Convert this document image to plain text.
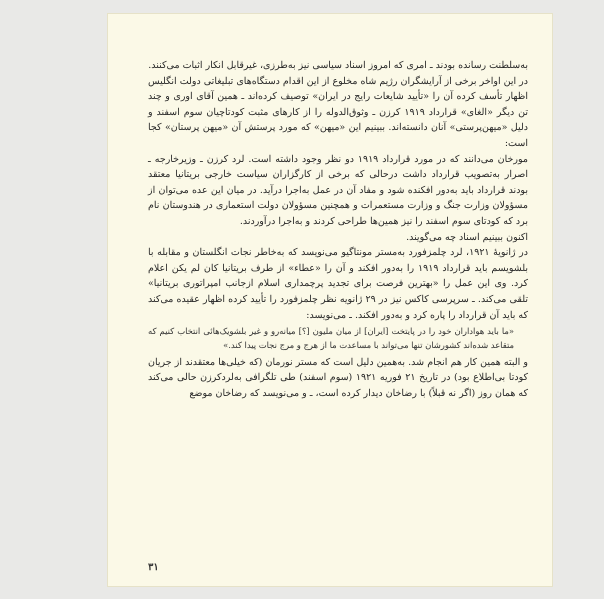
به‌سلطنت رسانده بودند ـ امری که امروز اسناد سیاسی نیز به‌طرزی، غیرقابل انکار اثبات می‌کنند.

در این اواخر برخی از آرایشگران رژیم شاه مخلوع از این اقدام دستگاه‌های تبلیغاتی دولت انگلیس اظهار تأسف کرده آن را «تأیید شایعات رایج در ایران» توصیف کرده‌اند ـ همین آقای اوری و چند تن دیگر «الغای» قرارداد ۱۹۱۹ کرزن ـ وثوق‌الدوله را از کارهای مثبت کودتاچیان سوم اسفند و دلیل «میهن‌پرستی» آنان دانسته‌اند. ببینیم این «میهن» که مورد پرستش آن «میهن پرستان» کجا است:

مورخان می‌دانند که در مورد قرارداد ۱۹۱۹ دو نظر وجود داشته است. لرد کرزن ـ وزیرخارجه ـ اصرار به‌تصویب قرارداد داشت درحالی که برخی از کارگزاران سیاست خارجی بریتانیا معتقد بودند قرارداد باید به‌دور افکنده شود و مفاد آن در عمل به‌اجرا درآید. در میان این عده می‌توان از مسؤولان وزارت جنگ و وزارت مستعمرات و همچنین مسؤولان دولت استعماری در هندوستان نام برد که کودتای سوم اسفند را نیز همین‌ها طراحی کردند و به‌اجرا درآوردند.

اکنون ببینیم اسناد چه می‌گویند.

در ژانویهٔ ۱۹۲۱، لرد چلمزفورد به‌مستر مونتاگیو می‌نویسد که به‌خاطر نجات انگلستان و مقابله با بلشویسم باید قرارداد ۱۹۱۹ را به‌دور افکند و آن را «عطاء» از طرف بریتانیا کان لم یکن اعلام کرد. وی این عمل را «بهترین فرصت برای تجدید پرچمداری اسلام ازجانب امپراتوری بریتانیا» تلقی می‌کند. ـ سرپرسی کاکس نیز در ۲۹ ژانویه نظر چلمزفورد را تأیید کرده اظهار عقیده می‌کند که باید آن قرارداد را پاره کرد و به‌دور افکند. ـ می‌نویسد:

«ما باید هواداران خود را در پایتخت [ایران] از میان ملیون [؟] میانه‌رو و غیر بلشویک‌هائی انتخاب کنیم که متقاعد شده‌اند کشورشان تنها می‌تواند با مساعدت ما از هرج و مرج نجات پیدا کند.»

و البته همین کار هم انجام شد. به‌همین دلیل است که مستر نورمان (که خیلی‌ها معتقدند از جریان کودتا بی‌اطلاع بود) در تاریخ ۲۱ فوریه ۱۹۲۱ (سوم اسفند) طی تلگرافی به‌لردکرزن حالی می‌کند که همان روز (اگر نه قبلاً) با رضاخان دیدار کرده است، ـ و می‌نویسد که رضاخان موضع

۳۱
